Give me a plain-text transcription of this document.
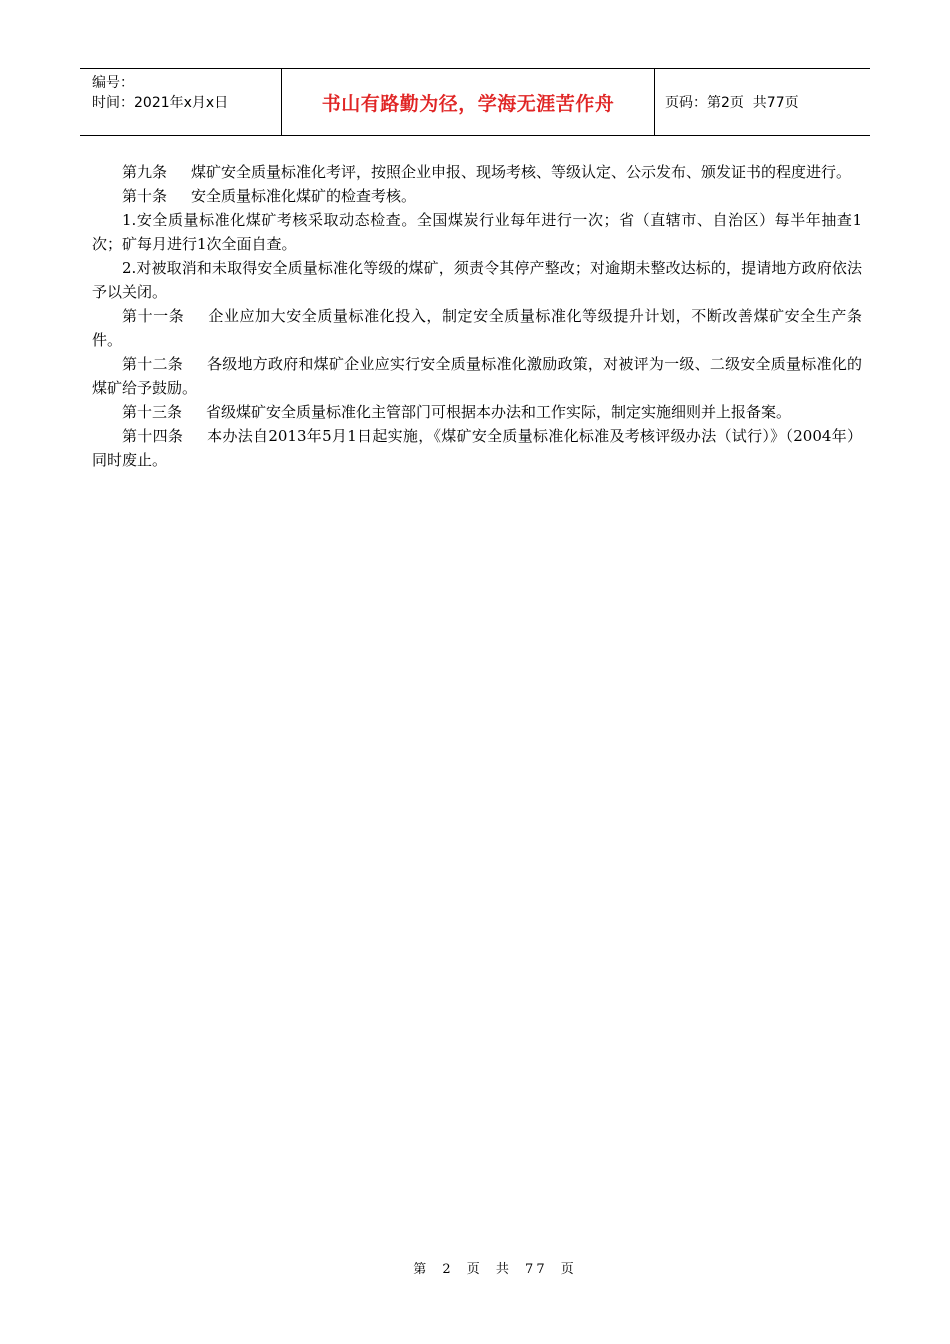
编号：
时间：2021年x月x日	书山有路勤为径，学海无涯苦作舟	页码：第2页  共77页

第九条 煤矿安全质量标准化考评，按照企业申报、现场考核、等级认定、公示发布、颁发证书的程度进行。

第十条 安全质量标准化煤矿的检查考核。

1.安全质量标准化煤矿考核采取动态检查。全国煤炭行业每年进行一次；省（直辖市、自治区）每半年抽查1次；矿每月进行1次全面自查。

2.对被取消和未取得安全质量标准化等级的煤矿，须责令其停产整改；对逾期未整改达标的，提请地方政府依法予以关闭。

第十一条 企业应加大安全质量标准化投入，制定安全质量标准化等级提升计划，不断改善煤矿安全生产条件。

第十二条 各级地方政府和煤矿企业应实行安全质量标准化激励政策，对被评为一级、二级安全质量标准化的煤矿给予鼓励。

第十三条 省级煤矿安全质量标准化主管部门可根据本办法和工作实际，制定实施细则并上报备案。

第十四条 本办法自2013年5月1日起实施，《煤矿安全质量标准化标准及考核评级办法（试行）》（2004年）同时废止。

第 2 页 共 77 页
